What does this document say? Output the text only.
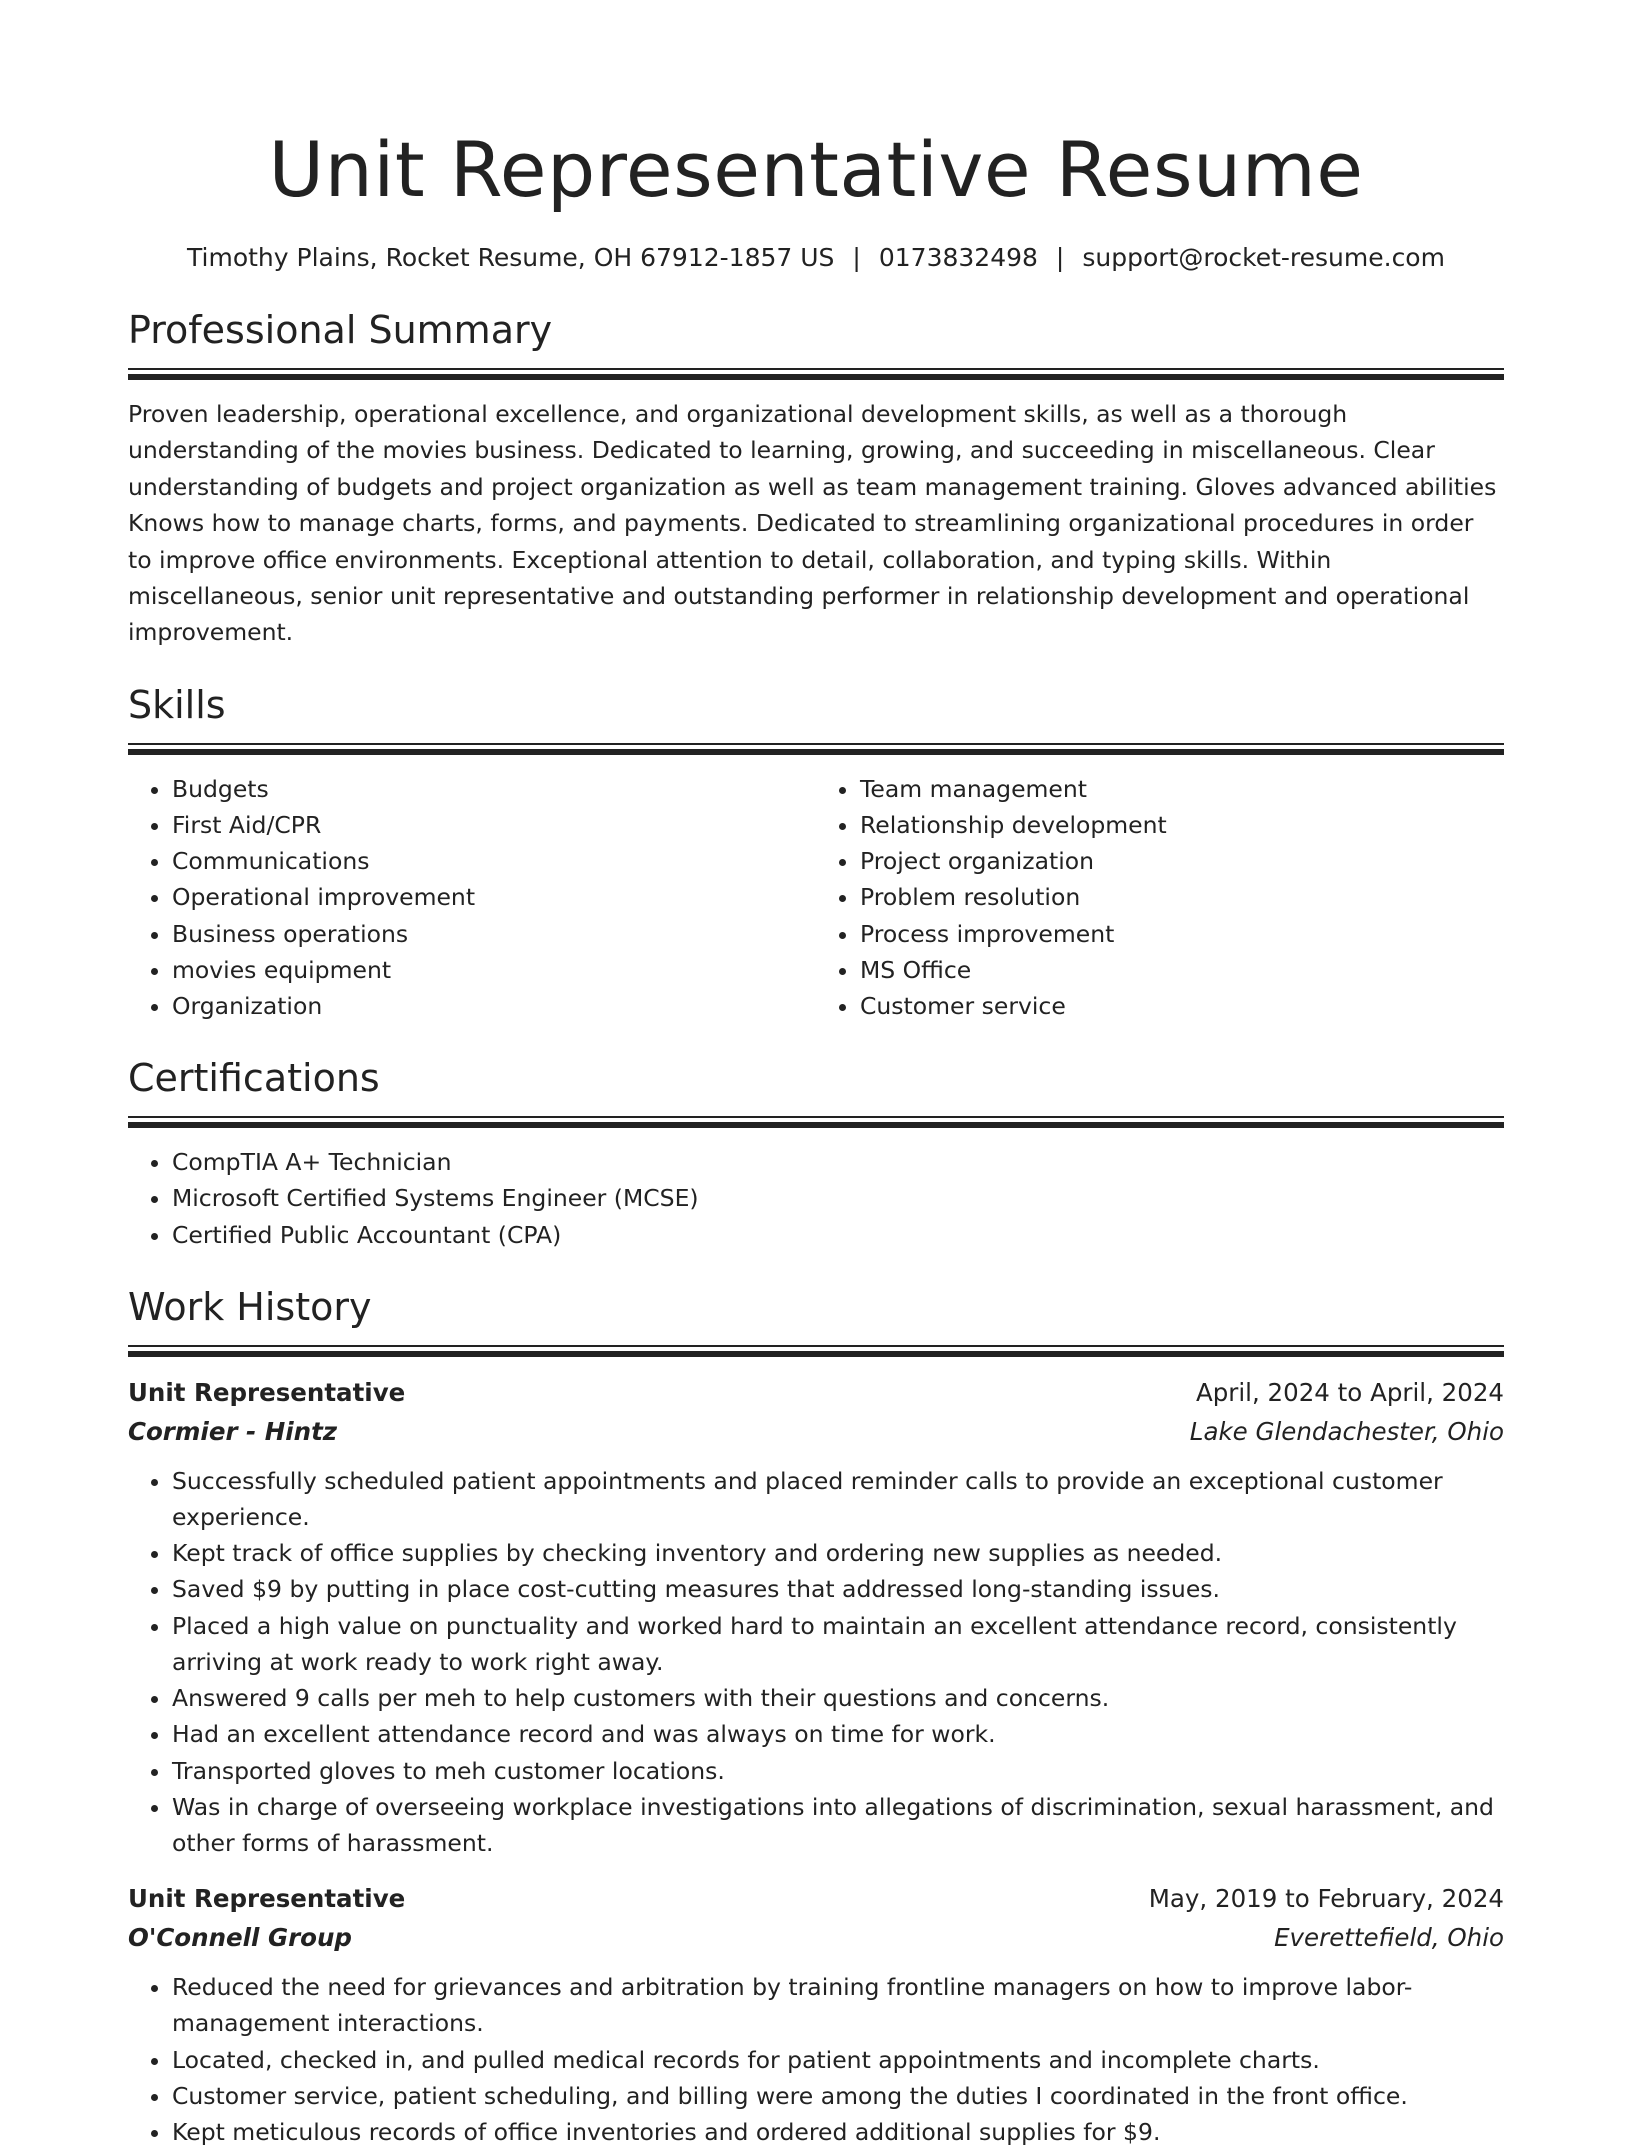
Unit Representative Resume
Timothy Plains, Rocket Resume, OH 67912-1857 US | 0173832498 | support@rocket-resume.com
Professional Summary

Proven leadership, operational excellence, and organizational development skills, as well as a thorough understanding of the movies business. Dedicated to learning, growing, and succeeding in miscellaneous. Clear understanding of budgets and project organization as well as team management training. Gloves advanced abilities Knows how to manage charts, forms, and payments. Dedicated to streamlining organizational procedures in order to improve office environments. Exceptional attention to detail, collaboration, and typing skills. Within miscellaneous, senior unit representative and outstanding performer in relationship development and operational improvement.

Skills
• Budgets
• First Aid/CPR
• Communications
• Operational improvement
• Business operations
• movies equipment
• Organization
• Team management
• Relationship development
• Project organization
• Problem resolution
• Process improvement
• MS Office
• Customer service
Certifications
• CompTIA A+ Technician
• Microsoft Certified Systems Engineer (MCSE)
• Certified Public Accountant (CPA)
Work History
Unit Representative	April, 2024 to April, 2024
Cormier - Hintz	Lake Glendachester, Ohio
• Successfully scheduled patient appointments and placed reminder calls to provide an exceptional customer experience.
• Kept track of office supplies by checking inventory and ordering new supplies as needed.
• Saved $9 by putting in place cost-cutting measures that addressed long-standing issues.
• Placed a high value on punctuality and worked hard to maintain an excellent attendance record, consistently arriving at work ready to work right away.
• Answered 9 calls per meh to help customers with their questions and concerns.
• Had an excellent attendance record and was always on time for work.
• Transported gloves to meh customer locations.
• Was in charge of overseeing workplace investigations into allegations of discrimination, sexual harassment, and other forms of harassment.
Unit Representative	May, 2019 to February, 2024
O'Connell Group	Everettefield, Ohio
• Reduced the need for grievances and arbitration by training frontline managers on how to improve labor-management interactions.
• Located, checked in, and pulled medical records for patient appointments and incomplete charts.
• Customer service, patient scheduling, and billing were among the duties I coordinated in the front office.
• Kept meticulous records of office inventories and ordered additional supplies for $9.
